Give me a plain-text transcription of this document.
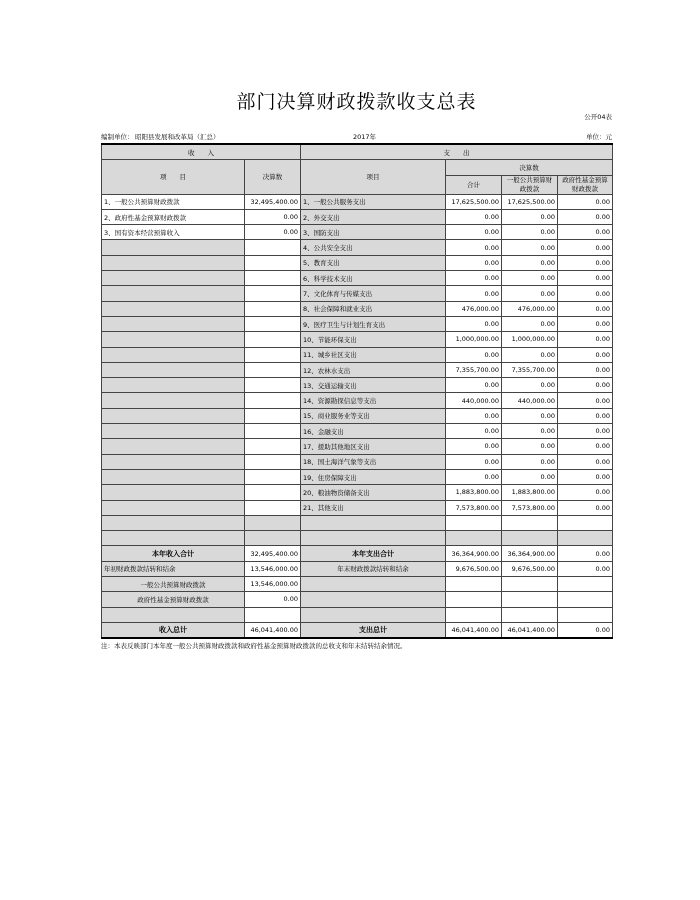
部门决算财政拨款收支总表
公开04表
编制单位： 昭阳县发展和改革局（汇总）	2017年	单位：元
收　　入		支　　出			
项　　目	决算数	项目	决算数		
			合计	一般公共预算财政拨款	政府性基金预算财政拨款

1、一般公共预算财政拨款	32,495,400.00	1、一般公共服务支出	17,625,500.00	17,625,500.00	0.00
2、政府性基金预算财政拨款	0.00	2、外交支出	0.00	0.00	0.00
3、国有资本经营预算收入	0.00	3、国防支出	0.00	0.00	0.00
		4、公共安全支出	0.00	0.00	0.00
		5、教育支出	0.00	0.00	0.00
		6、科学技术支出	0.00	0.00	0.00
		7、文化体育与传媒支出	0.00	0.00	0.00
		8、社会保障和就业支出	476,000.00	476,000.00	0.00
		9、医疗卫生与计划生育支出	0.00	0.00	0.00
		10、节能环保支出	1,000,000.00	1,000,000.00	0.00
		11、城乡社区支出	0.00	0.00	0.00
		12、农林水支出	7,355,700.00	7,355,700.00	0.00
		13、交通运输支出	0.00	0.00	0.00
		14、资源勘探信息等支出	440,000.00	440,000.00	0.00
		15、商业服务业等支出	0.00	0.00	0.00
		16、金融支出	0.00	0.00	0.00
		17、援助其他地区支出	0.00	0.00	0.00
		18、国土海洋气象等支出	0.00	0.00	0.00
		19、住房保障支出	0.00	0.00	0.00
		20、粮油物资储备支出	1,883,800.00	1,883,800.00	0.00
		21、其他支出	7,573,800.00	7,573,800.00	0.00

本年收入合计	32,495,400.00	本年支出合计	36,364,900.00	36,364,900.00	0.00
年初财政拨款结转和结余	13,546,000.00	年末财政拨款结转和结余	9,676,500.00	9,676,500.00	0.00
一般公共预算财政拨款	13,546,000.00				
政府性基金预算财政拨款	0.00				

收入总计	46,041,400.00	支出总计	46,041,400.00	46,041,400.00	0.00
注：本表反映部门本年度一般公共预算财政拨款和政府性基金预算财政拨款的总收支和年末结转结余情况。
